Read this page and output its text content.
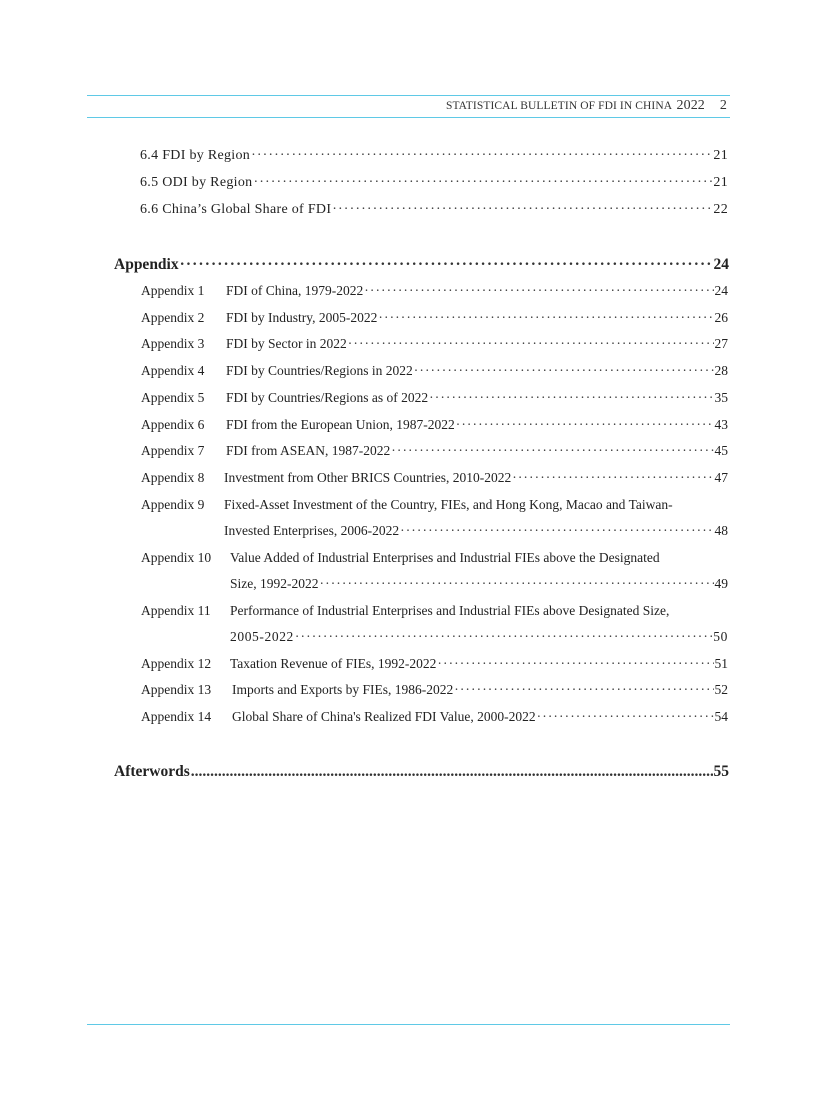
STATISTICAL BULLETIN OF FDI IN CHINA 2022 2
6.4 FDI by Region ·····	21
6.5 ODI by Region ·····	21
6.6 China’s Global Share of FDI ·····	22
Appendix ·····	24
Appendix 1 FDI of China, 1979-2022 ·····	24
Appendix 2 FDI by Industry, 2005-2022 ·····	26
Appendix 3 FDI by Sector in 2022 ·····	27
Appendix 4 FDI by Countries/Regions in 2022 ·····	28
Appendix 5 FDI by Countries/Regions as of 2022 ·····	35
Appendix 6 FDI from the European Union, 1987-2022 ·····	43
Appendix 7 FDI from ASEAN, 1987-2022 ·····	45
Appendix 8 Investment from Other BRICS Countries, 2010-2022 ·····	47
Appendix 9 Fixed-Asset Investment of the Country, FIEs, and Hong Kong, Macao and Taiwan-
Invested Enterprises, 2006-2022 ·····	48
Appendix 10 Value Added of Industrial Enterprises and Industrial FIEs above the Designated
Size, 1992-2022 ·····	49
Appendix 11 Performance of Industrial Enterprises and Industrial FIEs above Designated Size,
2005-2022 ·····	50
Appendix 12 Taxation Revenue of FIEs, 1992-2022 ·····	51
Appendix 13 Imports and Exports by FIEs, 1986-2022 ·····	52
Appendix 14 Global Share of China's Realized FDI Value, 2000-2022 ·····	54
Afterwords .....	55
